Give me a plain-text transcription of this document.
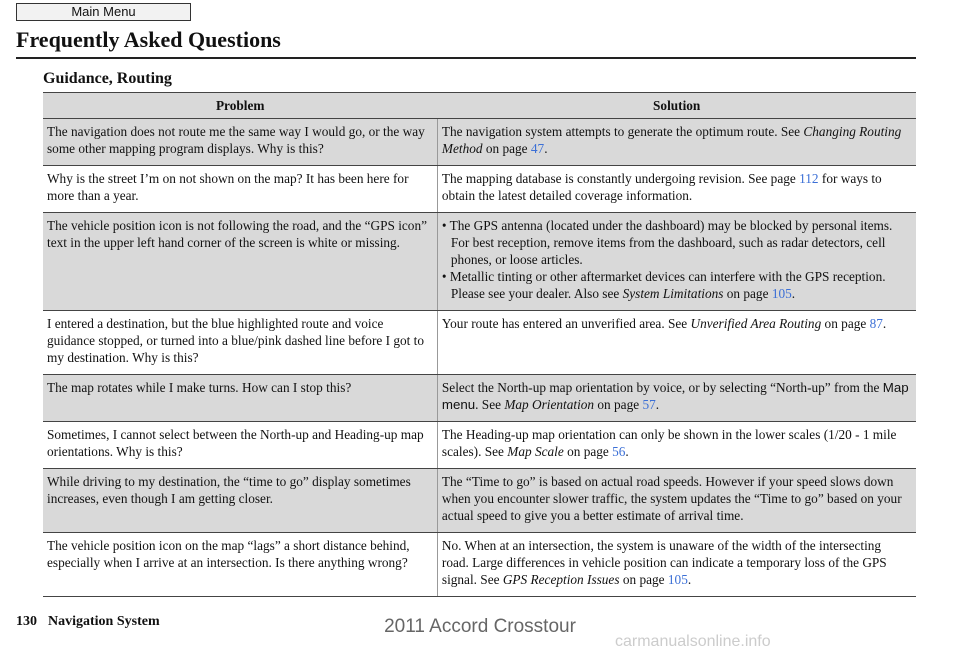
Main Menu
Frequently Asked Questions
Guidance, Routing
Problem	Solution
The navigation does not route me the same way I would go, or the way some other mapping program displays. Why is this?	The navigation system attempts to generate the optimum route. See Changing Routing Method on page 47.
Why is the street I’m on not shown on the map? It has been here for more than a year.	The mapping database is constantly undergoing revision. See page 112 for ways to obtain the latest detailed coverage information.
The vehicle position icon is not following the road, and the “GPS icon” text in the upper left hand corner of the screen is white or missing.	• The GPS antenna (located under the dashboard) may be blocked by personal items. For best reception, remove items from the dashboard, such as radar detectors, cell phones, or loose articles.
• Metallic tinting or other aftermarket devices can interfere with the GPS reception. Please see your dealer. Also see System Limitations on page 105.

I entered a destination, but the blue highlighted route and voice guidance stopped, or turned into a blue/pink dashed line before I got to my destination. Why is this?	Your route has entered an unverified area. See Unverified Area Routing on page 87.
The map rotates while I make turns. How can I stop this?	Select the North-up map orientation by voice, or by selecting “North-up” from the Map menu. See Map Orientation on page 57.
Sometimes, I cannot select between the North-up and Heading-up map orientations. Why is this?	The Heading-up map orientation can only be shown in the lower scales (1/20 - 1 mile scales). See Map Scale on page 56.
While driving to my destination, the “time to go” display sometimes increases, even though I am getting closer.	The “Time to go” is based on actual road speeds. However if your speed slows down when you encounter slower traffic, the system updates the “Time to go” based on your actual speed to give you a better estimate of arrival time.
The vehicle position icon on the map “lags” a short distance behind, especially when I arrive at an intersection. Is there anything wrong?	No. When at an intersection, the system is unaware of the width of the intersecting road. Large differences in vehicle position can indicate a temporary loss of the GPS signal. See GPS Reception Issues on page 105.
130 Navigation System	2011 Accord Crosstour
carmanualsonline.info
